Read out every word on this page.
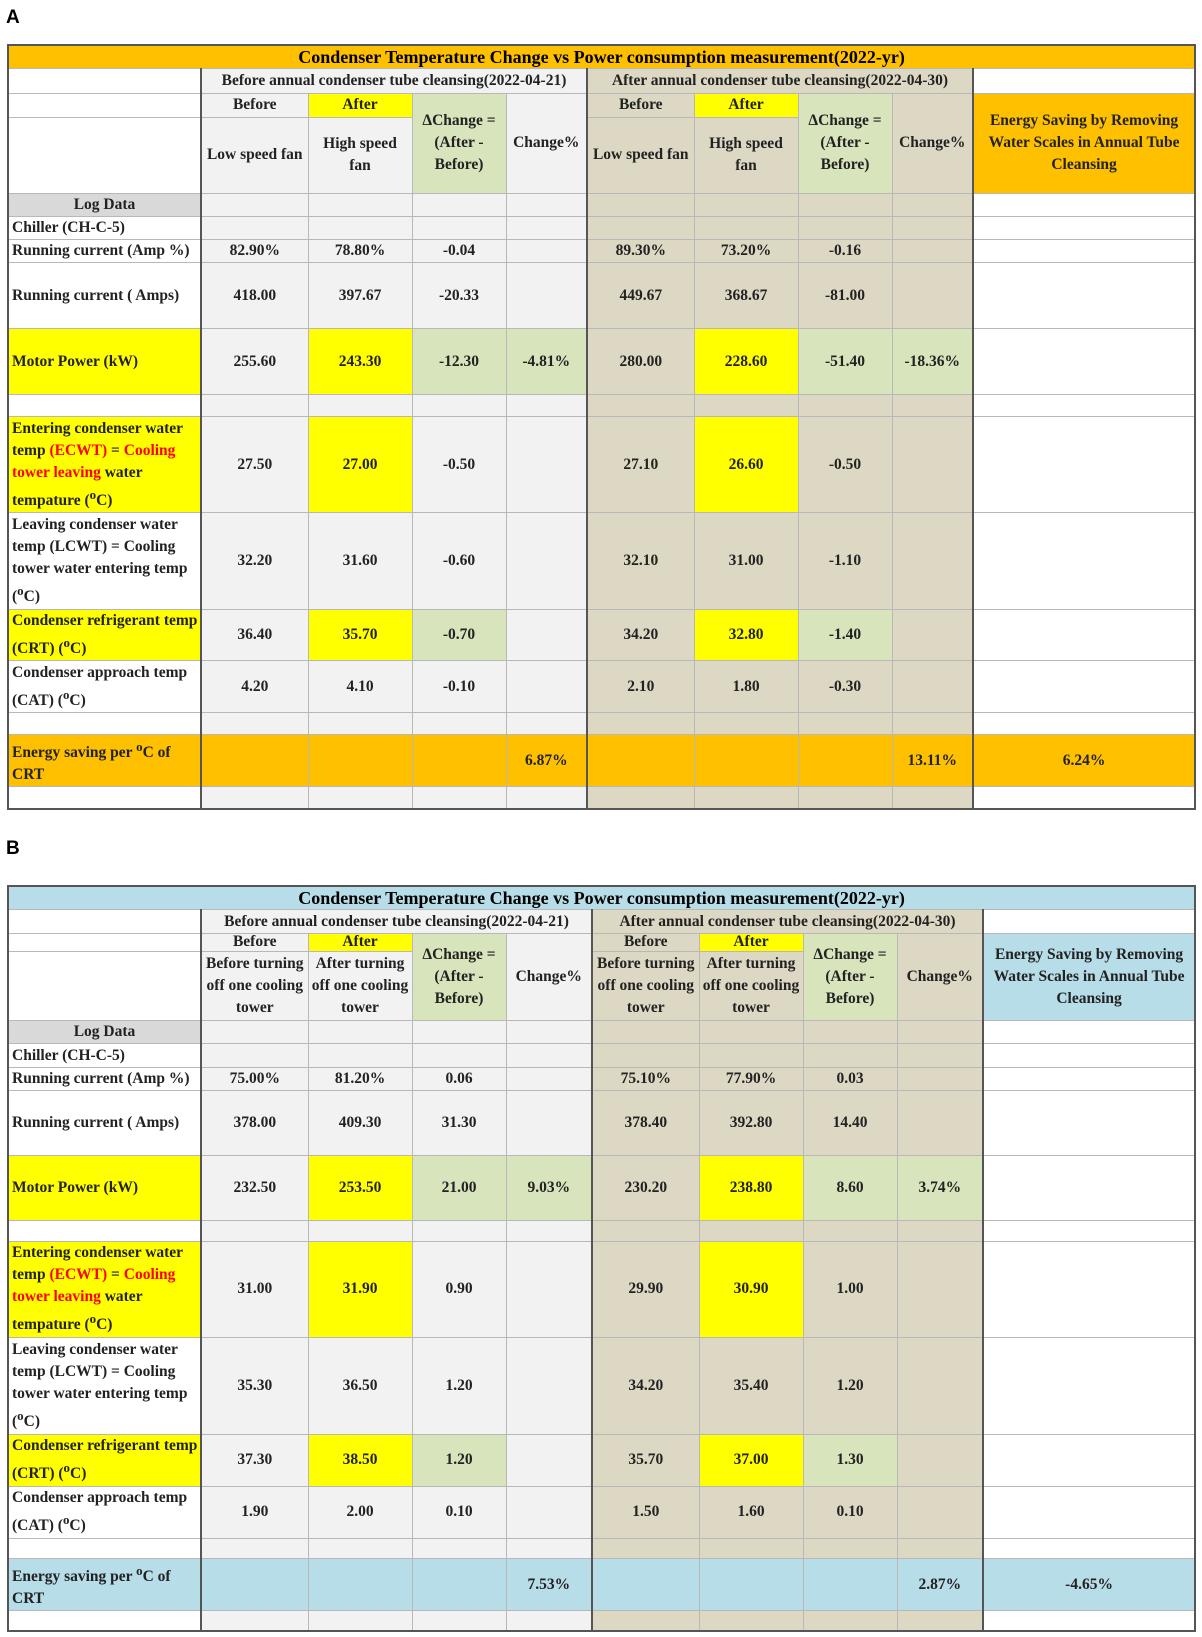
A
Condenser Temperature Change vs Power consumption measurement(2022-yr)									
	Before annual condenser tube cleansing(2022-04-21)				After annual condenser tube cleansing(2022-04-30)				
	Before	After	ΔChange = (After - Before)	Change%	Before	After	ΔChange = (After - Before)	Change%	Energy Saving by Removing Water Scales in Annual Tube Cleansing
	Low speed fan	High speed fan			Low speed fan	High speed fan			
Log Data									
Chiller (CH-C-5)									
Running current (Amp %)	82.90%	78.80%	-0.04		89.30%	73.20%	-0.16		
Running current ( Amps)	418.00	397.67	-20.33		449.67	368.67	-81.00		
Motor Power (kW)	255.60	243.30	-12.30	-4.81%	280.00	228.60	-51.40	-18.36%	

Entering condenser water temp (ECWT) = Cooling tower leaving water tempature ($^o$C)	27.50	27.00	-0.50		27.10	26.60	-0.50		
Leaving condenser water temp (LCWT) = Cooling tower water entering temp ($^o$C)	32.20	31.60	-0.60		32.10	31.00	-1.10		
Condenser refrigerant temp (CRT) ($^o$C)	36.40	35.70	-0.70		34.20	32.80	-1.40		
Condenser approach temp (CAT) ($^o$C)	4.20	4.10	-0.10		2.10	1.80	-0.30		

Energy saving per $^o$C of CRT				6.87%				13.11%	6.24%

B
Condenser Temperature Change vs Power consumption measurement(2022-yr)									
	Before annual condenser tube cleansing(2022-04-21)				After annual condenser tube cleansing(2022-04-30)				
	Before	After	ΔChange = (After - Before)	Change%	Before	After	ΔChange = (After - Before)	Change%	Energy Saving by Removing Water Scales in Annual Tube Cleansing
	Before turning off one cooling tower	After turning off one cooling tower			Before turning off one cooling tower	After turning off one cooling tower			
Log Data									
Chiller (CH-C-5)									
Running current (Amp %)	75.00%	81.20%	0.06		75.10%	77.90%	0.03		
Running current ( Amps)	378.00	409.30	31.30		378.40	392.80	14.40		
Motor Power (kW)	232.50	253.50	21.00	9.03%	230.20	238.80	8.60	3.74%	

Entering condenser water temp (ECWT) = Cooling tower leaving water tempature ($^o$C)	31.00	31.90	0.90		29.90	30.90	1.00		
Leaving condenser water temp (LCWT) = Cooling tower water entering temp ($^o$C)	35.30	36.50	1.20		34.20	35.40	1.20		
Condenser refrigerant temp (CRT) ($^o$C)	37.30	38.50	1.20		35.70	37.00	1.30		
Condenser approach temp (CAT) ($^o$C)	1.90	2.00	0.10		1.50	1.60	0.10		

Energy saving per $^o$C of CRT				7.53%				2.87%	-4.65%
